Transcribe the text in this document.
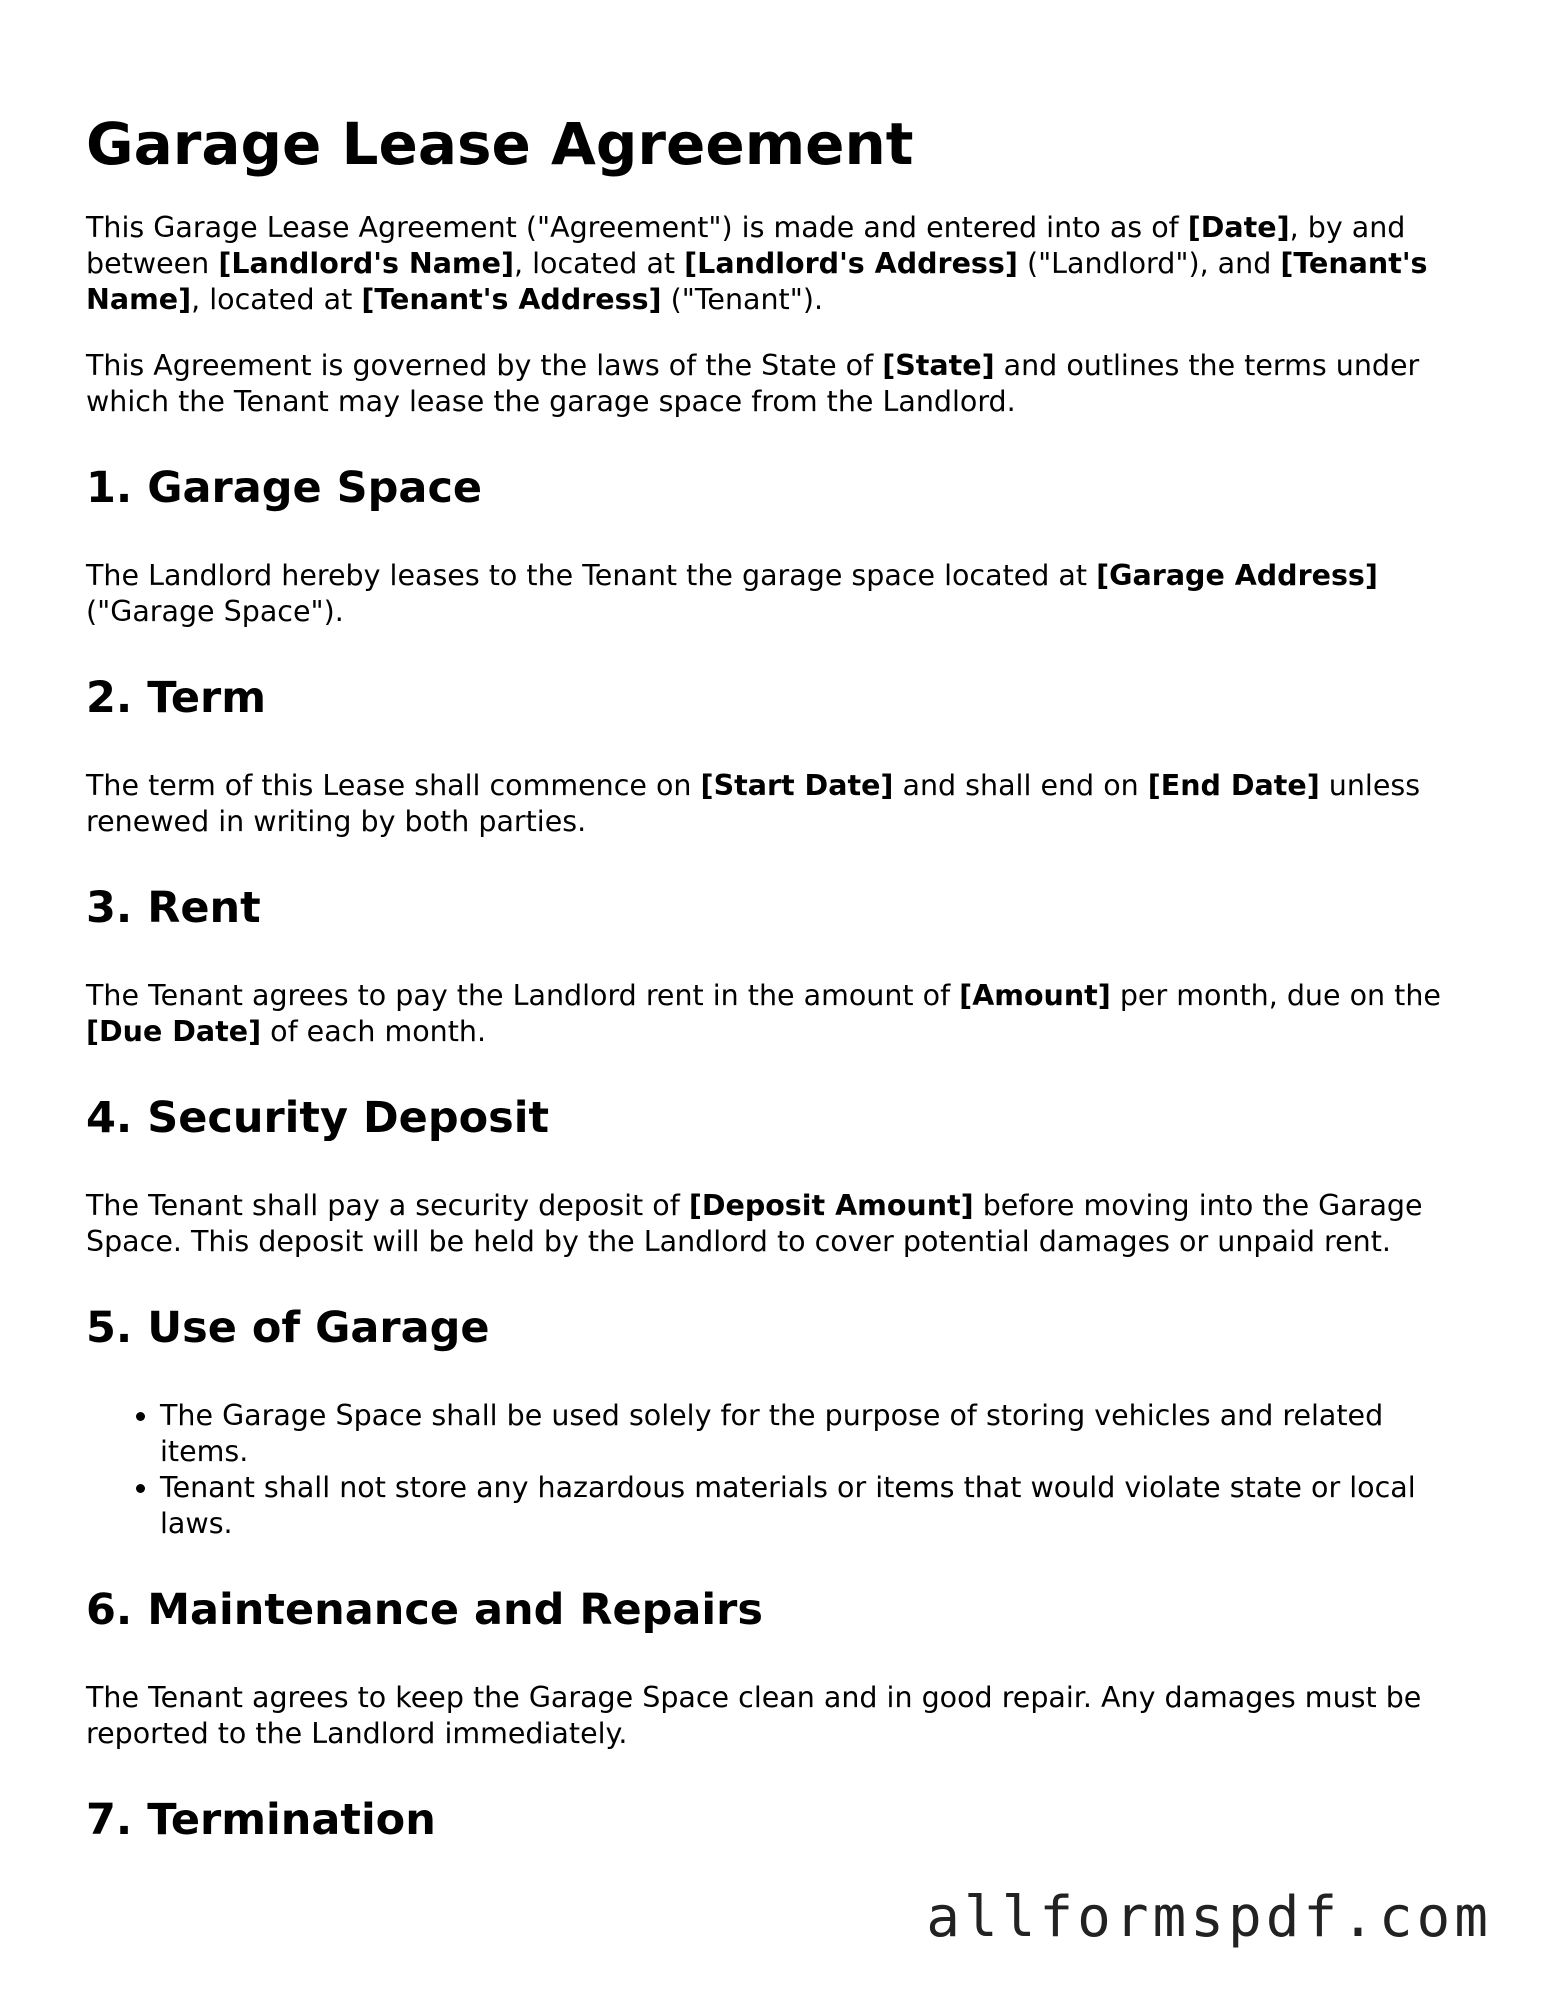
Garage Lease Agreement

This Garage Lease Agreement ("Agreement") is made and entered into as of [Date], by and between [Landlord's Name], located at [Landlord's Address] ("Landlord"), and [Tenant's Name], located at [Tenant's Address] ("Tenant").

This Agreement is governed by the laws of the State of [State] and outlines the terms under which the Tenant may lease the garage space from the Landlord.

1. Garage Space

The Landlord hereby leases to the Tenant the garage space located at [Garage Address] ("Garage Space").

2. Term

The term of this Lease shall commence on [Start Date] and shall end on [End Date] unless renewed in writing by both parties.

3. Rent

The Tenant agrees to pay the Landlord rent in the amount of [Amount] per month, due on the [Due Date] of each month.

4. Security Deposit

The Tenant shall pay a security deposit of [Deposit Amount] before moving into the Garage Space. This deposit will be held by the Landlord to cover potential damages or unpaid rent.

5. Use of Garage
• The Garage Space shall be used solely for the purpose of storing vehicles and related items.
• Tenant shall not store any hazardous materials or items that would violate state or local laws.
6. Maintenance and Repairs

The Tenant agrees to keep the Garage Space clean and in good repair. Any damages must be reported to the Landlord immediately.

7. Termination
allformspdf.com
